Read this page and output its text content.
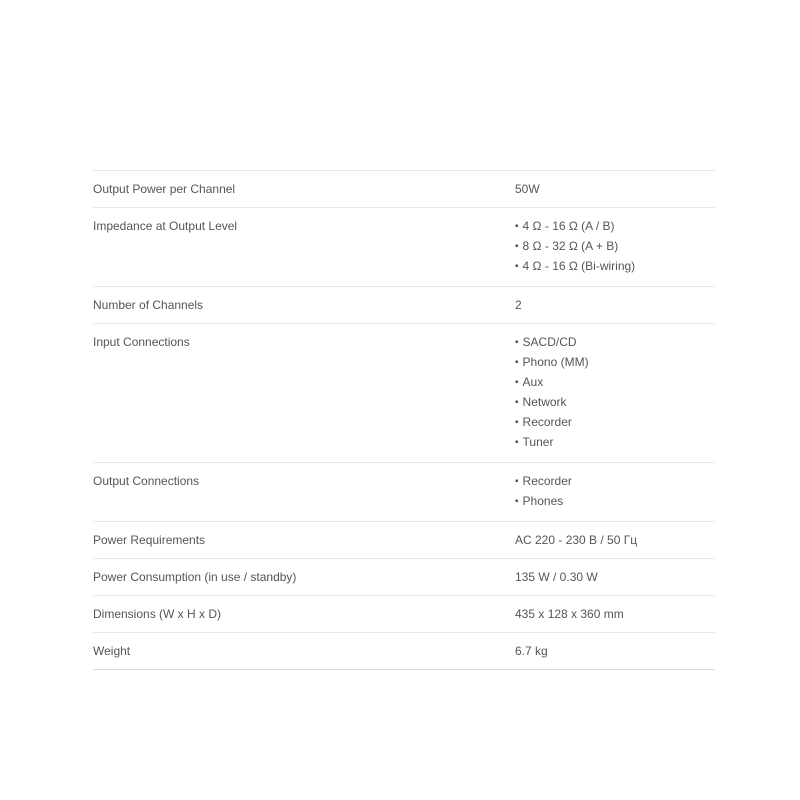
Output Power per Channel	50W
Impedance at Output Level	▪ 4 Ω - 16 Ω (A / B)
▪ 8 Ω - 32 Ω (A + B)
▪ 4 Ω - 16 Ω (Bi-wiring)
Number of Channels	2
Input Connections	▪ SACD/CD
▪ Phono (MM)
▪ Aux
▪ Network
▪ Recorder
▪ Tuner
Output Connections	▪ Recorder
▪ Phones
Power Requirements	AC 220 - 230 В / 50 Гц
Power Consumption (in use / standby)	135 W / 0.30 W
Dimensions (W x H x D)	435 x 128 x 360 mm
Weight	6.7 kg
